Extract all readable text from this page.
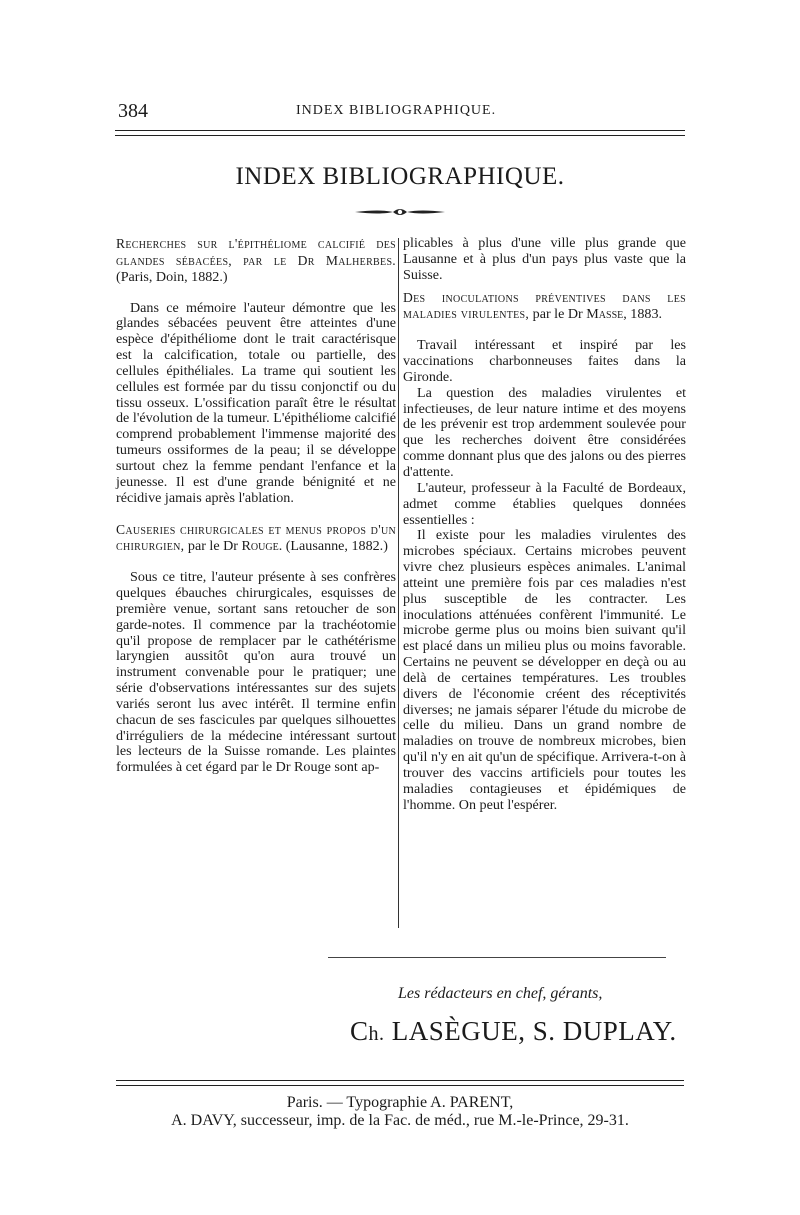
384	INDEX BIBLIOGRAPHIQUE.
INDEX BIBLIOGRAPHIQUE.

Recherches sur l'épithéliome calcifié des glandes sébacées, par le Dr Malherbes. (Paris, Doin, 1882.)

Dans ce mémoire l'auteur démontre que les glandes sébacées peuvent être atteintes d'une espèce d'épithéliome dont le trait caractérisque est la calcification, totale ou partielle, des cellules épithéliales. La trame qui soutient les cellules est formée par du tissu conjonctif ou du tissu osseux. L'ossification paraît être le résultat de l'évolution de la tumeur. L'épithéliome calcifié comprend probablement l'immense majorité des tumeurs ossiformes de la peau; il se développe surtout chez la femme pendant l'enfance et la jeunesse. Il est d'une grande bénignité et ne récidive jamais après l'ablation.

Causeries chirurgicales et menus propos d'un chirurgien, par le Dr Rouge. (Lausanne, 1882.)

Sous ce titre, l'auteur présente à ses confrères quelques ébauches chirurgicales, esquisses de première venue, sortant sans retoucher de son garde-notes. Il commence par la trachéotomie qu'il propose de remplacer par le cathétérisme laryngien aussitôt qu'on aura trouvé un instrument convenable pour le pratiquer; une série d'observations intéressantes sur des sujets variés seront lus avec intérêt. Il termine enfin chacun de ses fascicules par quelques silhouettes d'irréguliers de la médecine intéressant surtout les lecteurs de la Suisse romande. Les plaintes formulées à cet égard par le Dr Rouge sont ap-

plicables à plus d'une ville plus grande que Lausanne et à plus d'un pays plus vaste que la Suisse.

Des inoculations préventives dans les maladies virulentes, par le Dr Masse, 1883.

Travail intéressant et inspiré par les vaccinations charbonneuses faites dans la Gironde.

La question des maladies virulentes et infectieuses, de leur nature intime et des moyens de les prévenir est trop ardemment soulevée pour que les recherches doivent être considérées comme donnant plus que des jalons ou des pierres d'attente.

L'auteur, professeur à la Faculté de Bordeaux, admet comme établies quelques données essentielles :

Il existe pour les maladies virulentes des microbes spéciaux. Certains microbes peuvent vivre chez plusieurs espèces animales. L'animal atteint une première fois par ces maladies n'est plus susceptible de les contracter. Les inoculations atténuées confèrent l'immunité. Le microbe germe plus ou moins bien suivant qu'il est placé dans un milieu plus ou moins favorable. Certains ne peuvent se développer en deçà ou au delà de certaines températures. Les troubles divers de l'économie créent des réceptivités diverses; ne jamais séparer l'étude du microbe de celle du milieu. Dans un grand nombre de maladies on trouve de nombreux microbes, bien qu'il n'y en ait qu'un de spécifique. Arrivera-t-on à trouver des vaccins artificiels pour toutes les maladies contagieuses et épidémiques de l'homme. On peut l'espérer.

Les rédacteurs en chef, gérants,
Ch. LASÈGUE, S. DUPLAY.
Paris. — Typographie A. PARENT,
A. DAVY, successeur, imp. de la Fac. de méd., rue M.-le-Prince, 29-31.
